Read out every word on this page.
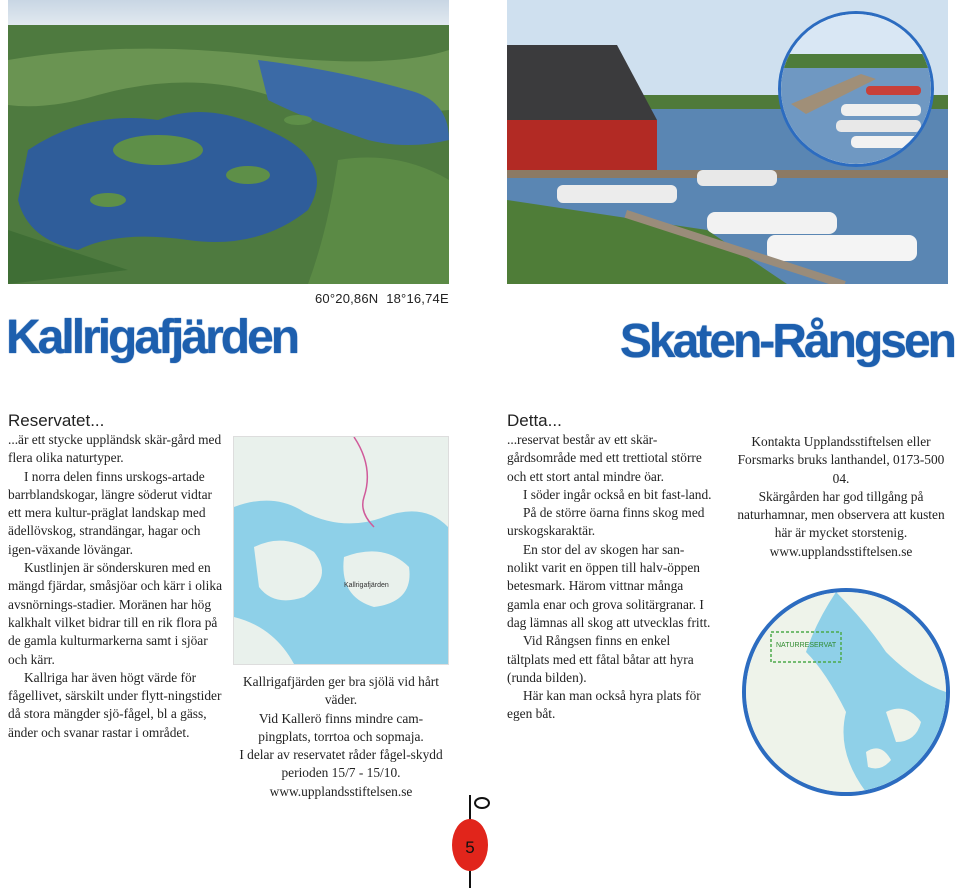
60°20,86N 18°16,74E
Kallrigafjärden	Skaten-Rångsen
Reservatet...

...är ett stycke uppländsk skär-gård med flera olika naturtyper.

I norra delen finns urskogs-artade barrblandskogar, längre söderut vidtar ett mera kultur-präglat landskap med ädellövskog, strandängar, hagar och igen-växande lövängar.

Kustlinjen är sönderskuren med en mängd fjärdar, småsjöar och kärr i olika avsnörnings-stadier. Moränen har hög kalkhalt vilket bidrar till en rik flora på de gamla kulturmarkerna samt i sjöar och kärr.

Kallriga har även högt värde för fågellivet, särskilt under flytt-ningstider då stora mängder sjö-fågel, bl a gäss, änder och svanar rastar i området.

Kallrigafjärden

Kallrigafjärden ger bra sjölä vid hårt väder.

Vid Kallerö finns mindre cam-pingplats, torrtoa och sopmaja.

I delar av reservatet råder fågel-skydd perioden 15/7 - 15/10.

www.upplandsstiftelsen.se

Detta...

...reservat består av ett skär-gårdsområde med ett trettiotal större och ett stort antal mindre öar.

I söder ingår också en bit fast-land.

På de större öarna finns skog med urskogskaraktär.

En stor del av skogen har san-nolikt varit en öppen till halv-öppen betesmark. Härom vittnar många gamla enar och grova solitärgranar. I dag lämnas all skog att utvecklas fritt.

Vid Rångsen finns en enkel tältplats med ett fåtal båtar att hyra (runda bilden).

Här kan man också hyra plats för egen båt.

Kontakta Upplandsstiftelsen eller Forsmarks bruks lanthandel, 0173-500 04.

Skärgården har god tillgång på naturhamnar, men observera att kusten här är mycket storstenig.

www.upplandsstiftelsen.se

NATURRESERVAT
5
